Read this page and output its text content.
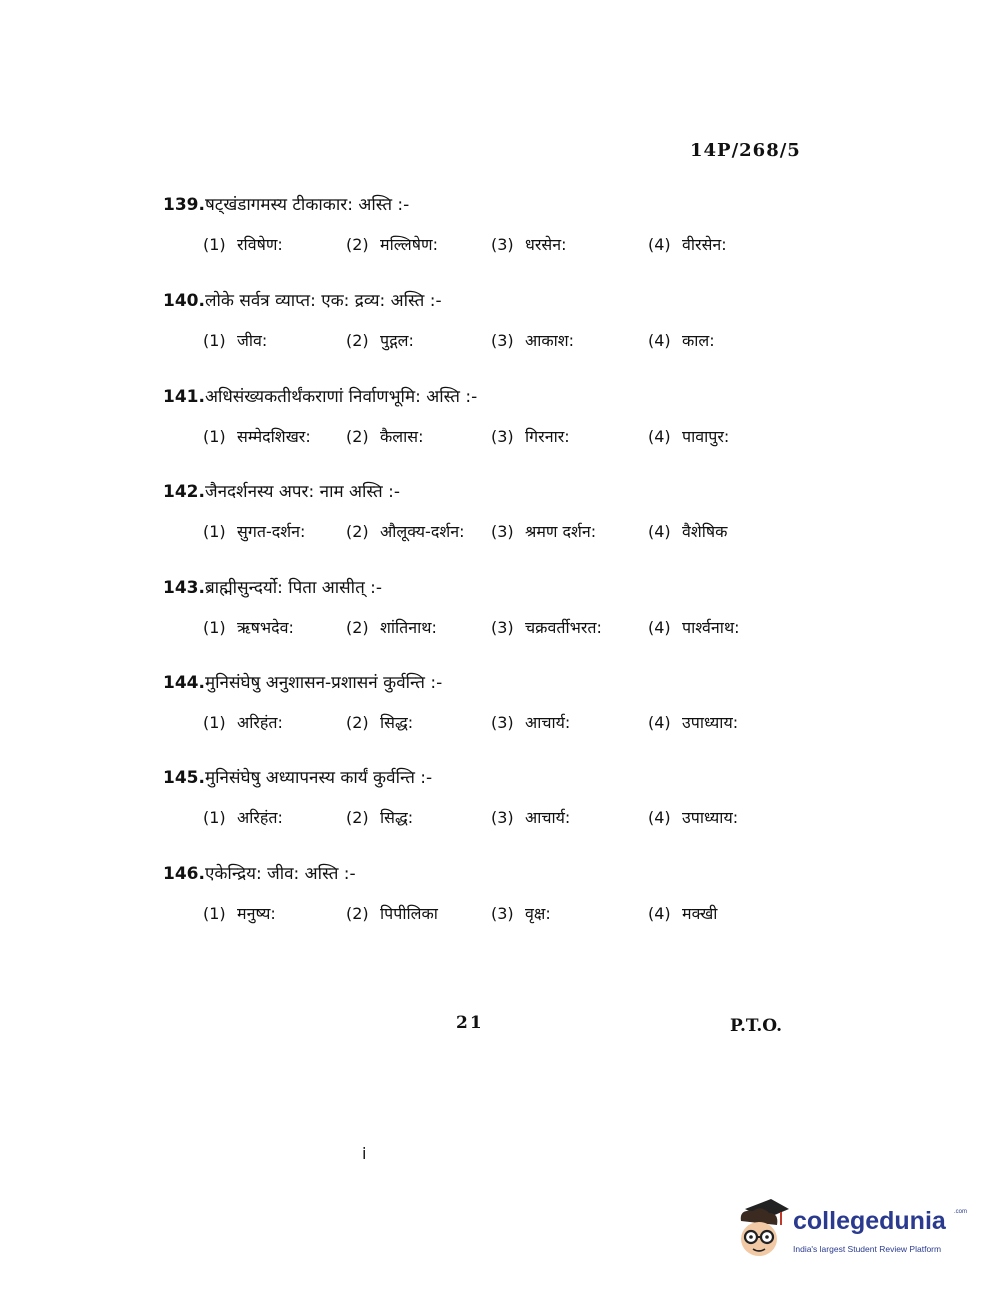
14P/268/5
139.षट्खंडागमस्य टीकाकार: अस्ति :-
(1) रविषेण:	(2) मल्लिषेण:	(3) धरसेन:	(4) वीरसेन:
140.लोके सर्वत्र व्याप्त: एक: द्रव्य: अस्ति :-
(1) जीव:	(2) पुद्गल:	(3) आकाश:	(4) काल:
141.अधिसंख्यकतीर्थंकराणां निर्वाणभूमि: अस्ति :-
(1) सम्मेदशिखर: (2) कैलास:	(3) गिरनार:	(4) पावापुर:
142.जैनदर्शनस्य अपर: नाम अस्ति :-
(1) सुगत-दर्शन:	(2) औलूक्य-दर्शन: (3) श्रमण दर्शन:	(4) वैशेषिक
143.ब्राह्मीसुन्दर्यो: पिता आसीत् :-
(1) ऋषभदेव:	(2) शांतिनाथ:	(3) चक्रवर्तीभरत:	(4) पार्श्वनाथ:
144.मुनिसंघेषु अनुशासन-प्रशासनं कुर्वन्ति :-
(1) अरिहंत:	(2) सिद्ध:	(3) आचार्य:	(4) उपाध्याय:
145.मुनिसंघेषु अध्यापनस्य कार्यं कुर्वन्ति :-
(1) अरिहंत:	(2) सिद्ध:	(3) आचार्य:	(4) उपाध्याय:
146.एकेन्द्रिय: जीव: अस्ति :-
(1) मनुष्य:	(2) पिपीलिका	(3) वृक्ष:	(4) मक्खी
21	P.T.O.
i
collegedunia .com
India's largest Student Review Platform
